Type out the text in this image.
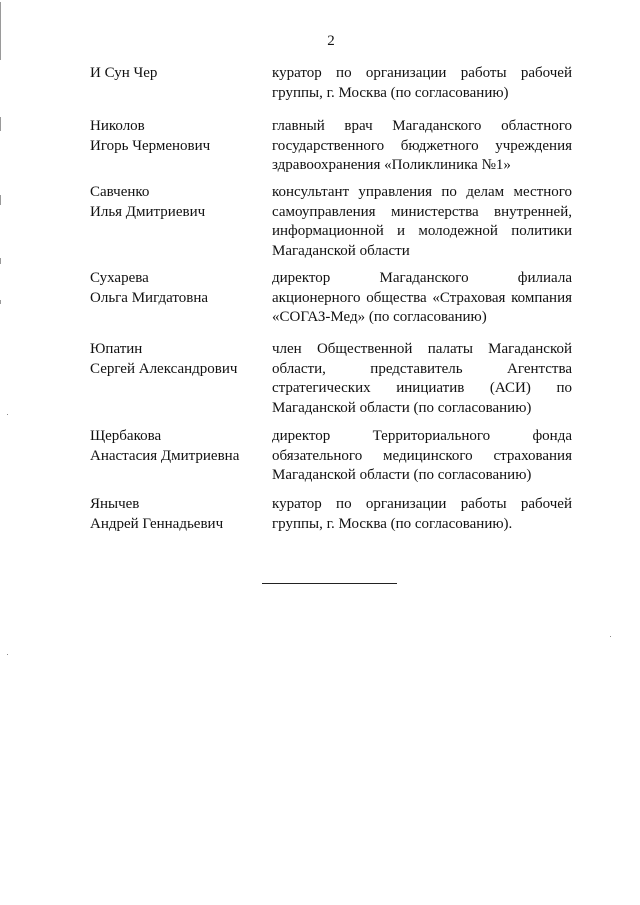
2
И Сун Чер	куратор по организации работы рабочей
группы, г. Москва (по согласованию)
Николов
Игорь Черменович
главный врач Магаданского областного
государственного бюджетного учреждения
здравоохранения «Поликлиника №1»
Савченко
Илья Дмитриевич
консультант управления по делам местного
самоуправления министерства внутренней,
информационной и молодежной политики
Магаданской области
Сухарева
Ольга Мигдатовна
директор Магаданского филиала
акционерного общества «Страховая компания
«СОГАЗ-Мед» (по согласованию)
Юпатин
Сергей Александрович
член Общественной палаты Магаданской
области, представитель Агентства
стратегических инициатив (АСИ) по
Магаданской области (по согласованию)
Щербакова
Анастасия Дмитриевна
директор Территориального фонда
обязательного медицинского страхования
Магаданской области (по согласованию)
Янычев
Андрей Геннадьевич
куратор по организации работы рабочей
группы, г. Москва (по согласованию).
